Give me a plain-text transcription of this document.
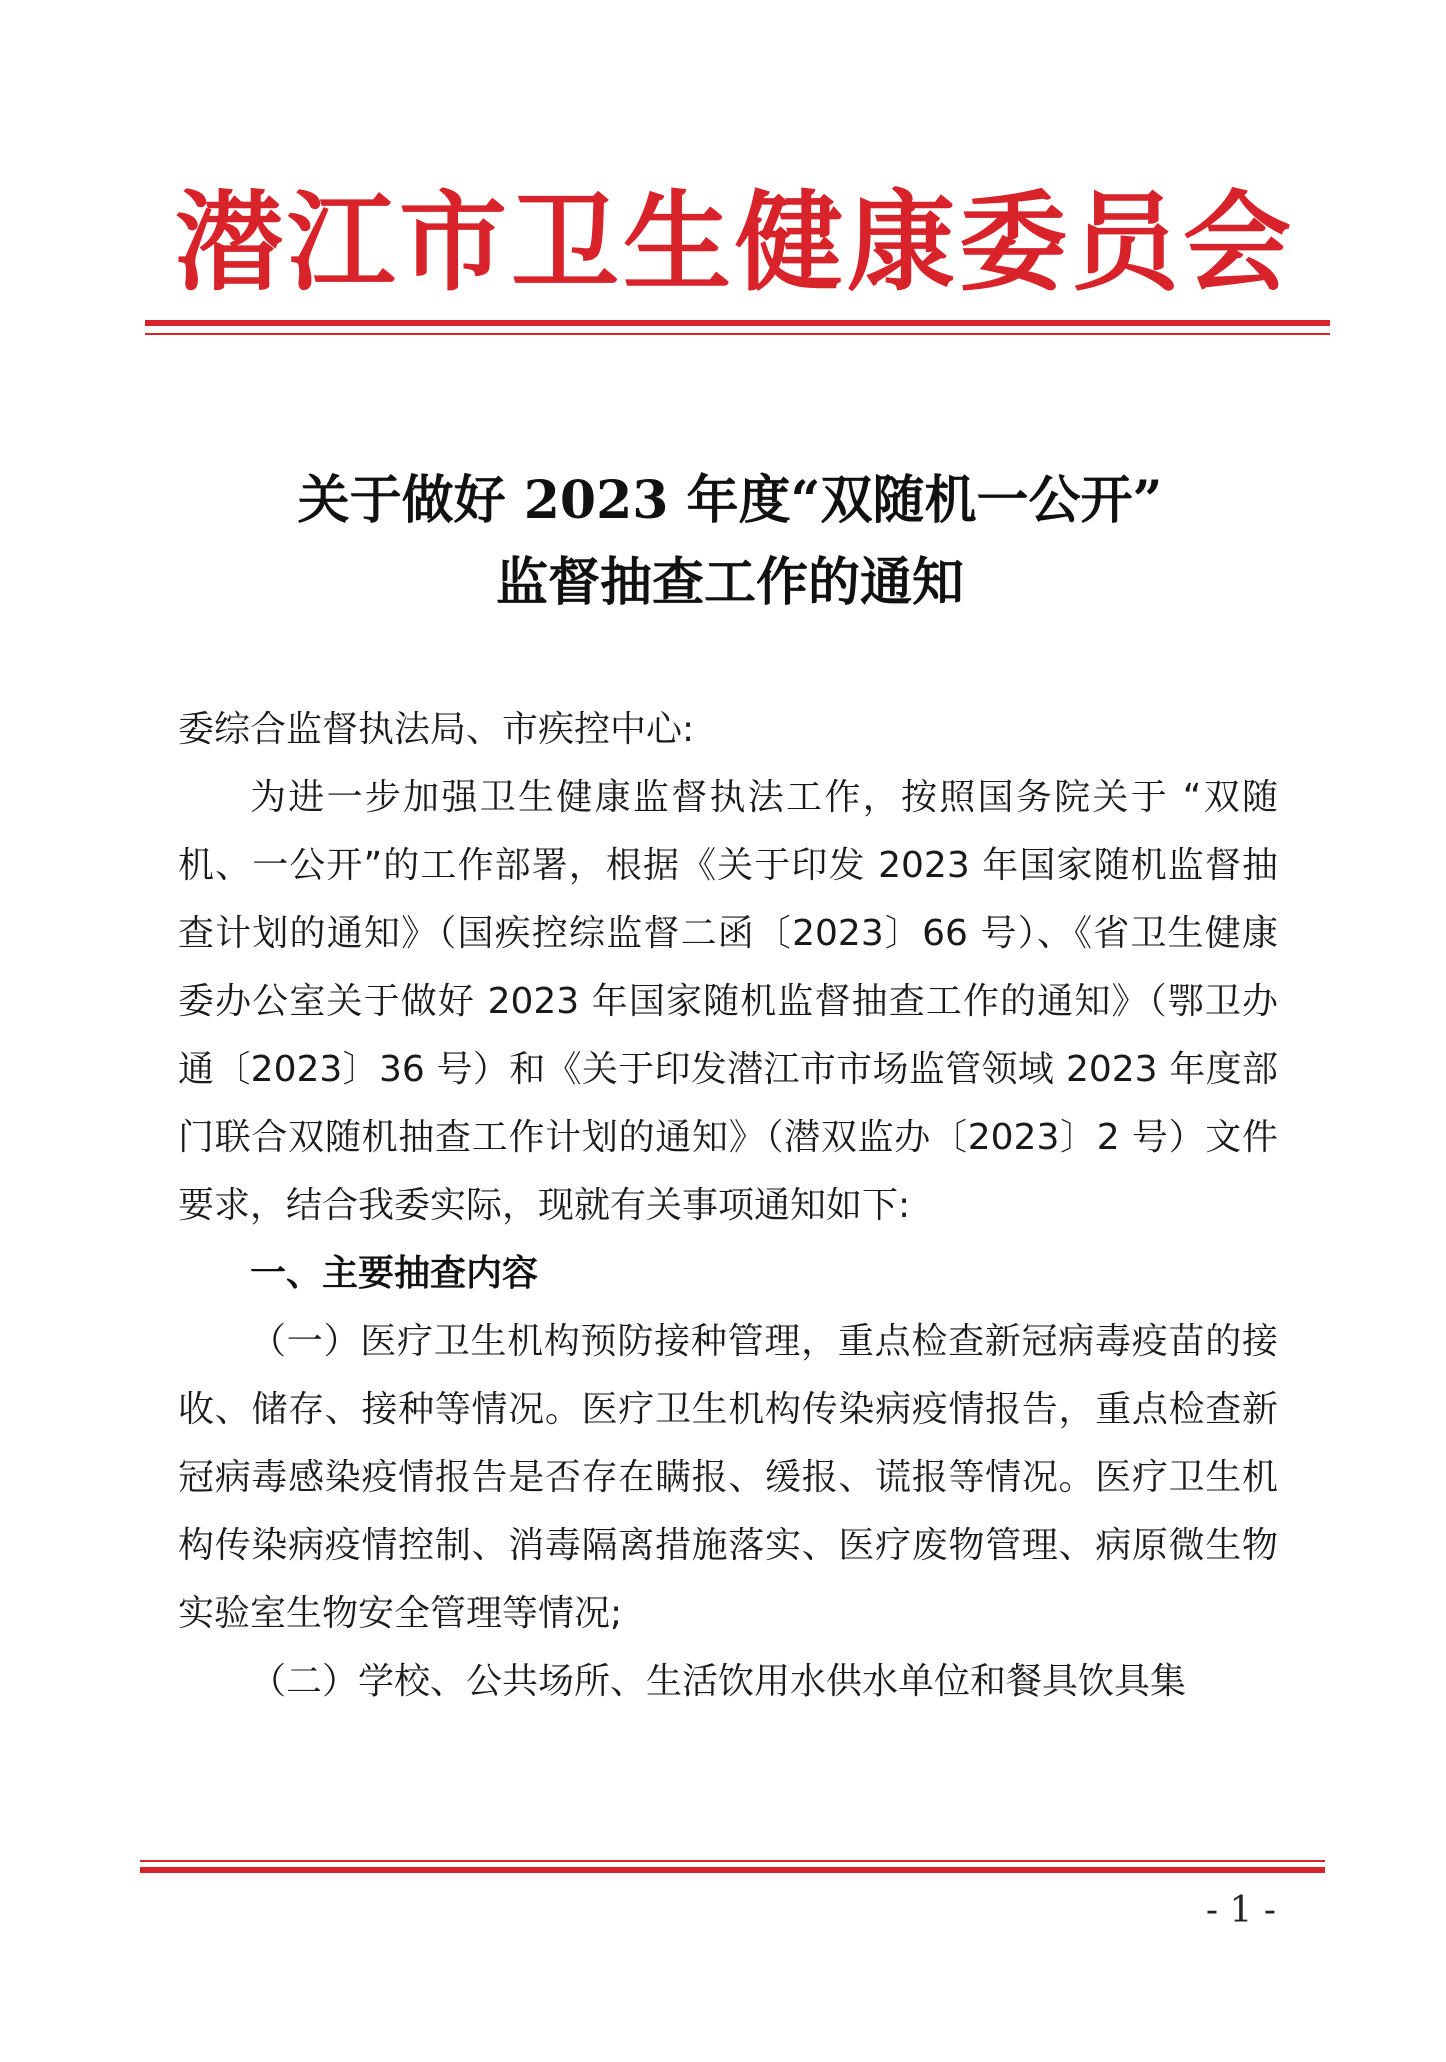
潜江市卫生健康委员会
关于做好 2023 年度“双随机一公开”
监督抽查工作的通知

委综合监督执法局、市疾控中心:

为进一步加强卫生健康监督执法工作，按照国务院关于 “双随机、一公开”的工作部署，根据《关于印发 2023 年国家随机监督抽查计划的通知》（国疾控综监督二函〔2023〕66 号）、《省卫生健康委办公室关于做好 2023 年国家随机监督抽查工作的通知》（鄂卫办通〔2023〕36 号）和《关于印发潜江市市场监管领域 2023 年度部门联合双随机抽查工作计划的通知》（潜双监办〔2023〕2 号）文件要求，结合我委实际，现就有关事项通知如下:

一、主要抽查内容

（一）医疗卫生机构预防接种管理，重点检查新冠病毒疫苗的接收、储存、接种等情况。医疗卫生机构传染病疫情报告，重点检查新冠病毒感染疫情报告是否存在瞒报、缓报、谎报等情况。医疗卫生机构传染病疫情控制、消毒隔离措施落实、医疗废物管理、病原微生物实验室生物安全管理等情况;

（二）学校、公共场所、生活饮用水供水单位和餐具饮具集

- 1 -
